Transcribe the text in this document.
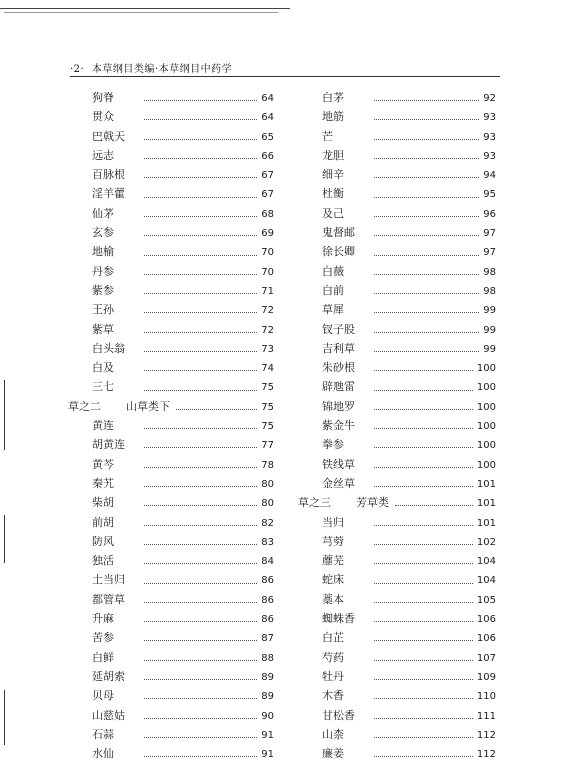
·2· 本草纲目类编·本草纲目中药学
狗脊	64
贯众	64
巴戟天	65
远志	66
百脉根	67
淫羊藿	67
仙茅	68
玄参	69
地榆	70
丹参	70
紫参	71
王孙	72
紫草	72
白头翁	73
白及	74
三七	75
草之二	山草类下	75
黄连	75
胡黄连	77
黄芩	78
秦艽	80
柴胡	80
前胡	82
防风	83
独活	84
土当归	86
都管草	86
升麻	86
苦参	87
白鲜	88
延胡索	89
贝母	89
山慈姑	90
石蒜	91
水仙	91
白茅	92
地筋	93
芒	93
龙胆	93
细辛	94
杜衡	95
及己	96
鬼督邮	97
徐长卿	97
白薇	98
白前	98
草犀	99
钗子股	99
吉利草	99
朱砂根	100
辟虺雷	100
锦地罗	100
紫金牛	100
拳参	100
铁线草	100
金丝草	101
草之三	芳草类	101
当归	101
芎䓖	102
蘼芜	104
蛇床	104
藁本	105
蜘蛛香	106
白芷	106
芍药	107
牡丹	109
木香	110
甘松香	111
山柰	112
廉姜	112
· ·
